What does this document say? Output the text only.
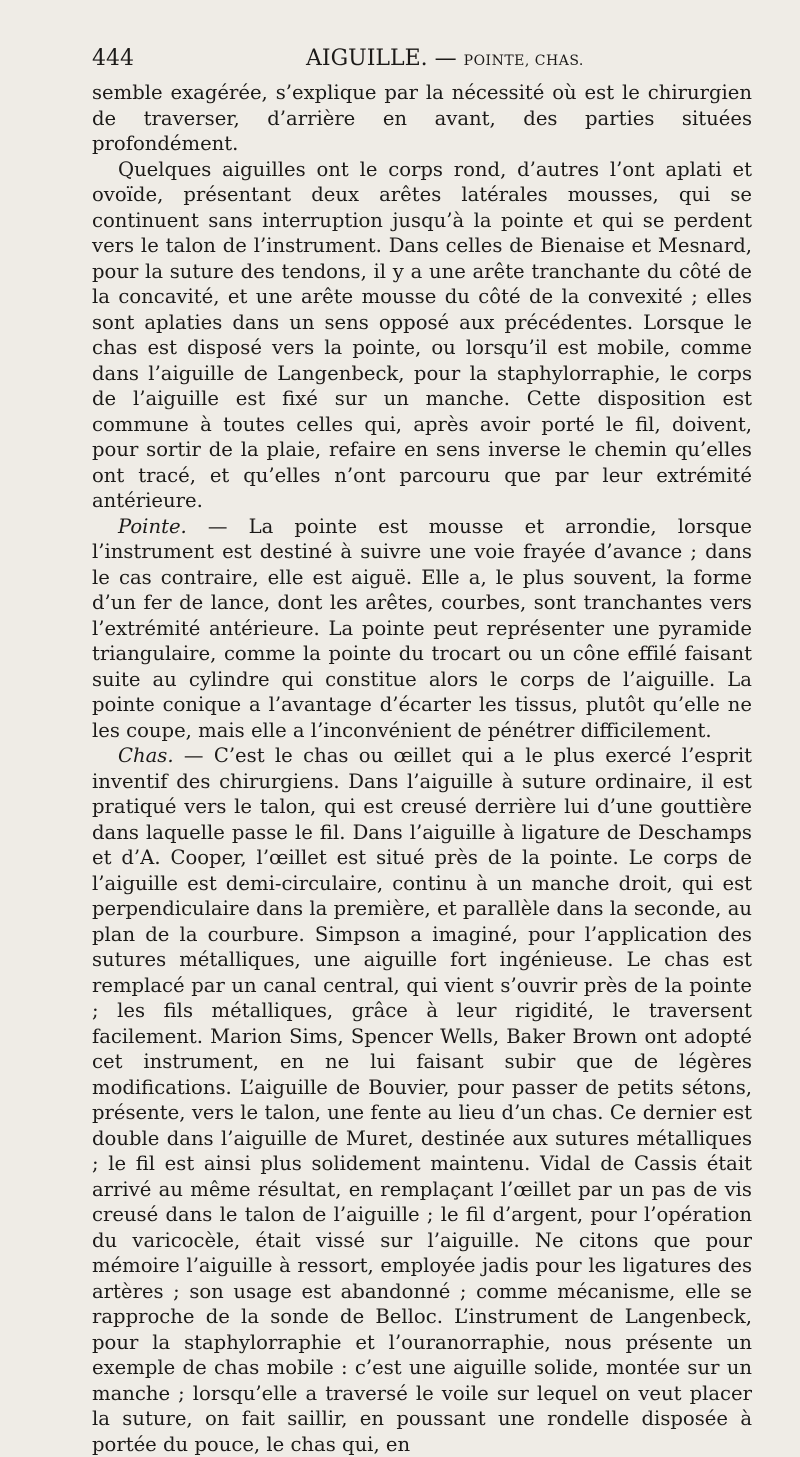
444	AIGUILLE. — POINTE, CHAS.

semble exagérée, s’explique par la nécessité où est le chirurgien de traverser, d’arrière en avant, des parties situées profondément.

Quelques aiguilles ont le corps rond, d’autres l’ont aplati et ovoïde, présentant deux arêtes latérales mousses, qui se continuent sans interruption jusqu’à la pointe et qui se perdent vers le talon de l’instrument. Dans celles de Bienaise et Mesnard, pour la suture des tendons, il y a une arête tranchante du côté de la concavité, et une arête mousse du côté de la convexité ; elles sont aplaties dans un sens opposé aux précédentes. Lorsque le chas est disposé vers la pointe, ou lorsqu’il est mobile, comme dans l’aiguille de Langenbeck, pour la staphylorraphie, le corps de l’aiguille est fixé sur un manche. Cette disposition est commune à toutes celles qui, après avoir porté le fil, doivent, pour sortir de la plaie, refaire en sens inverse le chemin qu’elles ont tracé, et qu’elles n’ont parcouru que par leur extrémité antérieure.

Pointe. — La pointe est mousse et arrondie, lorsque l’instrument est destiné à suivre une voie frayée d’avance ; dans le cas contraire, elle est aiguë. Elle a, le plus souvent, la forme d’un fer de lance, dont les arêtes, courbes, sont tranchantes vers l’extrémité antérieure. La pointe peut représenter une pyramide triangulaire, comme la pointe du trocart ou un cône effilé faisant suite au cylindre qui constitue alors le corps de l’aiguille. La pointe conique a l’avantage d’écarter les tissus, plutôt qu’elle ne les coupe, mais elle a l’inconvénient de pénétrer difficilement.

Chas. — C’est le chas ou œillet qui a le plus exercé l’esprit inventif des chirurgiens. Dans l’aiguille à suture ordinaire, il est pratiqué vers le talon, qui est creusé derrière lui d’une gouttière dans laquelle passe le fil. Dans l’aiguille à ligature de Deschamps et d’A. Cooper, l’œillet est situé près de la pointe. Le corps de l’aiguille est demi-circulaire, continu à un manche droit, qui est perpendiculaire dans la première, et parallèle dans la seconde, au plan de la courbure. Simpson a imaginé, pour l’application des sutures métalliques, une aiguille fort ingénieuse. Le chas est remplacé par un canal central, qui vient s’ouvrir près de la pointe ; les fils métalliques, grâce à leur rigidité, le traversent facilement. Marion Sims, Spencer Wells, Baker Brown ont adopté cet instrument, en ne lui faisant subir que de légères modifications. L’aiguille de Bouvier, pour passer de petits sétons, présente, vers le talon, une fente au lieu d’un chas. Ce dernier est double dans l’aiguille de Muret, destinée aux sutures métalliques ; le fil est ainsi plus solidement maintenu. Vidal de Cassis était arrivé au même résultat, en remplaçant l’œillet par un pas de vis creusé dans le talon de l’aiguille ; le fil d’argent, pour l’opération du varicocèle, était vissé sur l’aiguille. Ne citons que pour mémoire l’aiguille à ressort, employée jadis pour les ligatures des artères ; son usage est abandonné ; comme mécanisme, elle se rapproche de la sonde de Belloc. L’instrument de Langenbeck, pour la staphylorraphie et l’ouranorraphie, nous présente un exemple de chas mobile : c’est une aiguille solide, montée sur un manche ; lorsqu’elle a traversé le voile sur lequel on veut placer la suture, on fait saillir, en poussant une rondelle disposée à portée du pouce, le chas qui, en
